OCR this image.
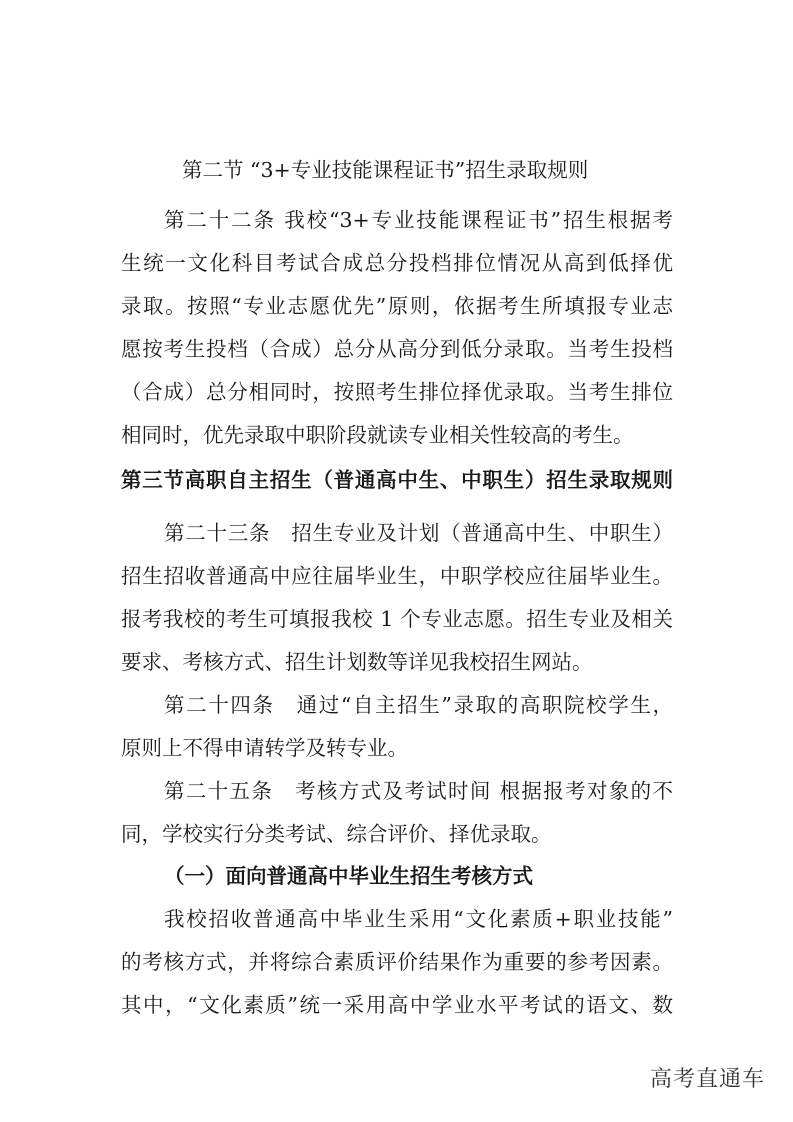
第二节 “3+专业技能课程证书”招生录取规则
第二十二条 我校“3+专业技能课程证书”招生根据考
生统一文化科目考试合成总分投档排位情况从高到低择优
录取。按照“专业志愿优先”原则，依据考生所填报专业志
愿按考生投档（合成）总分从高分到低分录取。当考生投档
（合成）总分相同时，按照考生排位择优录取。当考生排位
相同时，优先录取中职阶段就读专业相关性较高的考生。
第三节高职自主招生（普通高中生、中职生）招生录取规则
第二十三条　招生专业及计划（普通高中生、中职生）
招生招收普通高中应往届毕业生，中职学校应往届毕业生。
报考我校的考生可填报我校 1 个专业志愿。招生专业及相关
要求、考核方式、招生计划数等详见我校招生网站。
第二十四条　通过“自主招生”录取的高职院校学生，
原则上不得申请转学及转专业。
第二十五条　考核方式及考试时间 根据报考对象的不
同，学校实行分类考试、综合评价、择优录取。
（一）面向普通高中毕业生招生考核方式
我校招收普通高中毕业生采用“文化素质+职业技能”
的考核方式，并将综合素质评价结果作为重要的参考因素。
其中，“文化素质”统一采用高中学业水平考试的语文、数
高考直通车
